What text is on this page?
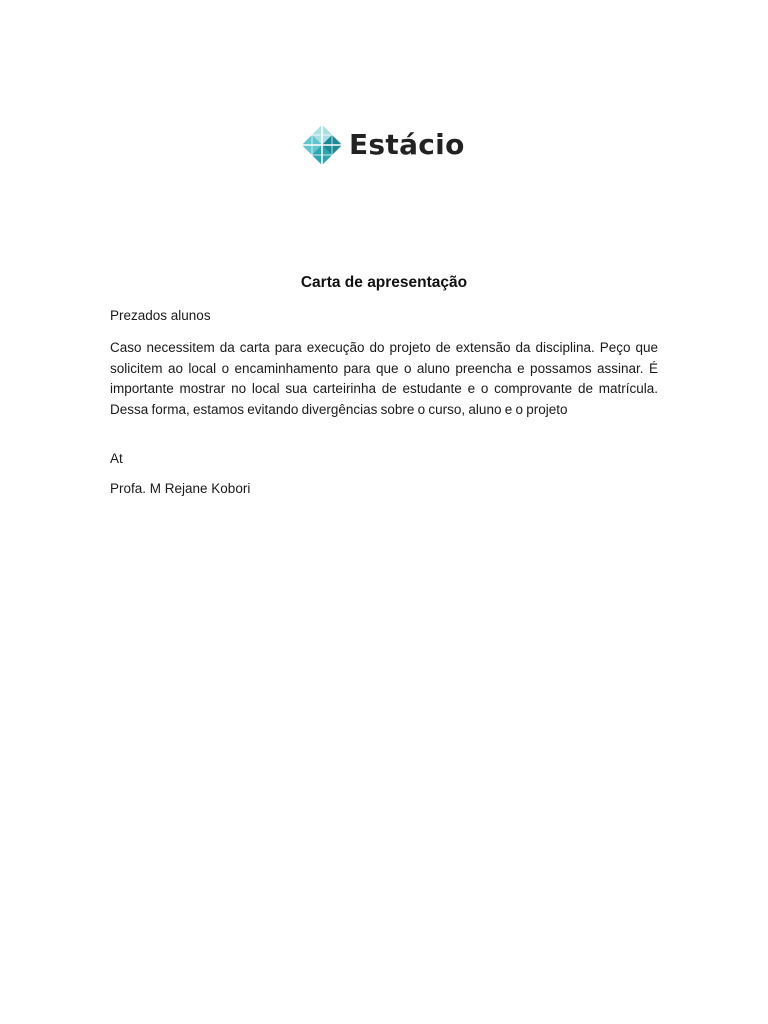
Estácio
Carta de apresentação

Prezados alunos

Caso necessitem da carta para execução do projeto de extensão da disciplina. Peço que solicitem ao local o encaminhamento para que o aluno preencha e possamos assinar. É importante mostrar no local sua carteirinha de estudante e o comprovante de matrícula. Dessa forma, estamos evitando divergências sobre o curso, aluno e o projeto

At

Profa. M Rejane Kobori
